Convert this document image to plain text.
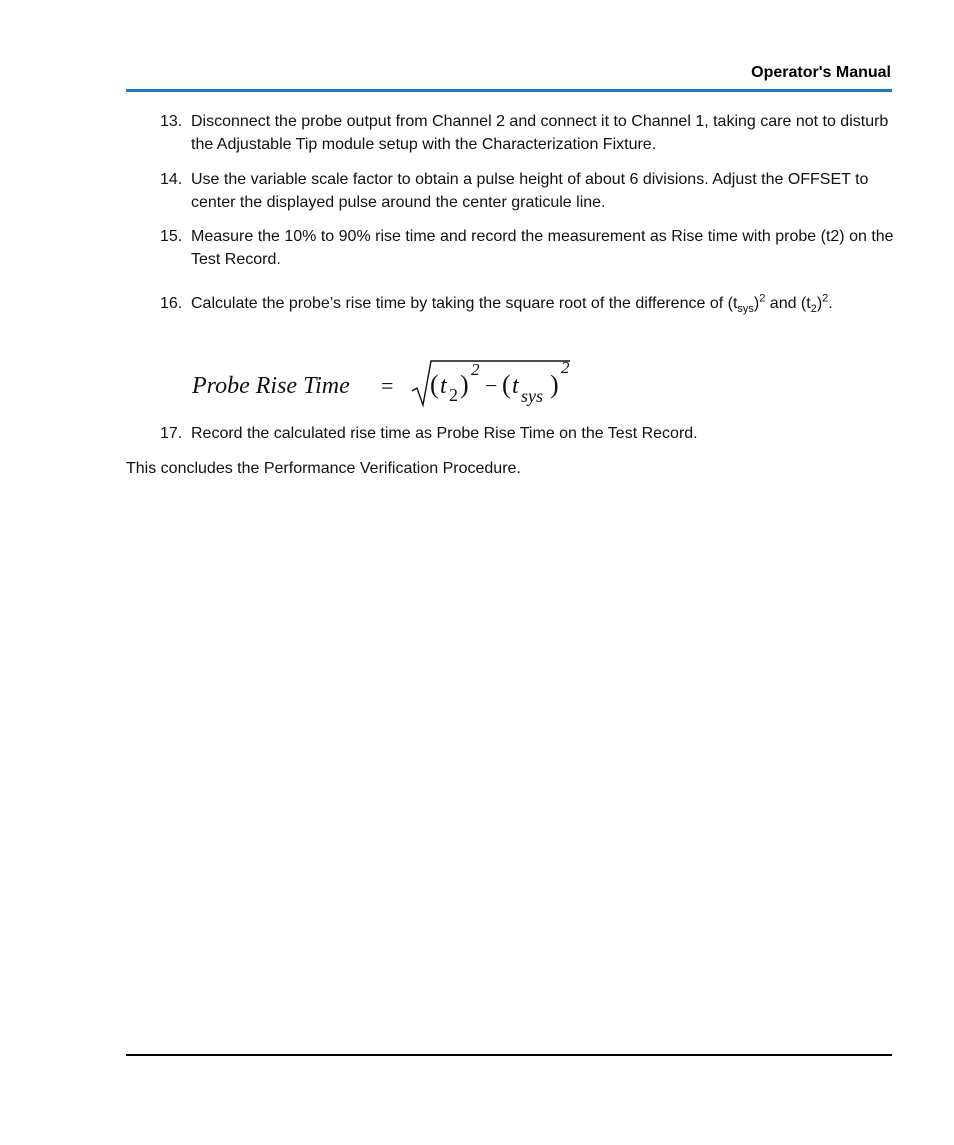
Operator's Manual
13. Disconnect the probe output from Channel 2 and connect it to Channel 1, taking care not to disturb the Adjustable Tip module setup with the Characterization Fixture.
14. Use the variable scale factor to obtain a pulse height of about 6 divisions. Adjust the OFFSET to center the displayed pulse around the center graticule line.
15. Measure the 10% to 90% rise time and record the measurement as Rise time with probe (t2) on the Test Record.
16. Calculate the probe’s rise time by taking the square root of the difference of $(t_{sys})^2$ and $(t_2)^2$.
Probe Rise Time = ( t 2 )
2
− ( t sys )
2
17. Record the calculated rise time as Probe Rise Time on the Test Record.
This concludes the Performance Verification Procedure.
